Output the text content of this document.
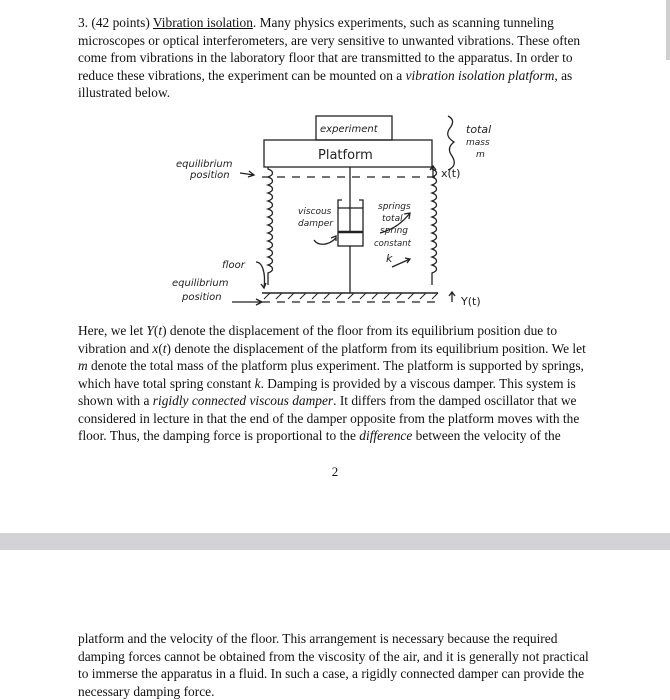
3. (42 points) Vibration isolation. Many physics experiments, such as scanning tunneling microscopes or optical interferometers, are very sensitive to unwanted vibrations. These often come from vibrations in the laboratory floor that are transmitted to the apparatus. In order to reduce these vibrations, the experiment can be mounted on a vibration isolation platform, as illustrated below.

experiment
Platform
total
mass
m
equilibrium
position	x(t)
viscous
damper
springs
total
spring
constant
k
floor
equilibrium
position	Y(t)

Here, we let Y(t) denote the displacement of the floor from its equilibrium position due to vibration and x(t) denote the displacement of the platform from its equilibrium position. We let m denote the total mass of the platform plus experiment. The platform is supported by springs, which have total spring constant k. Damping is provided by a viscous damper. This system is shown with a rigidly connected viscous damper. It differs from the damped oscillator that we considered in lecture in that the end of the damper opposite from the platform moves with the floor. Thus, the damping force is proportional to the difference between the velocity of the

2

platform and the velocity of the floor. This arrangement is necessary because the required damping forces cannot be obtained from the viscosity of the air, and it is generally not practical to immerse the apparatus in a fluid. In such a case, a rigidly connected damper can provide the necessary damping force.
